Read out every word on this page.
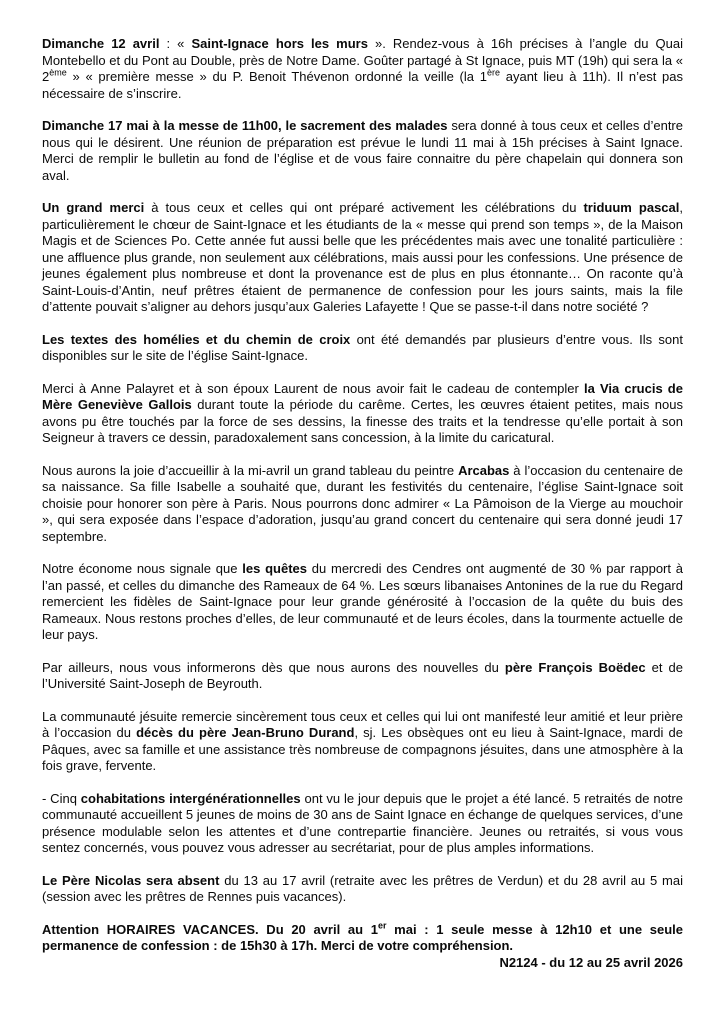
Dimanche 12 avril : « Saint-Ignace hors les murs ». Rendez-vous à 16h précises à l’angle du Quai Montebello et du Pont au Double, près de Notre Dame. Goûter partagé à St Ignace, puis MT (19h) qui sera la « 2ème » « première messe » du P. Benoit Thévenon ordonné la veille (la 1ère ayant lieu à 11h). Il n’est pas nécessaire de s’inscrire.

Dimanche 17 mai à la messe de 11h00, le sacrement des malades sera donné à tous ceux et celles d’entre nous qui le désirent. Une réunion de préparation est prévue le lundi 11 mai à 15h précises à Saint Ignace. Merci de remplir le bulletin au fond de l’église et de vous faire connaitre du père chapelain qui donnera son aval.

Un grand merci à tous ceux et celles qui ont préparé activement les célébrations du triduum pascal, particulièrement le chœur de Saint-Ignace et les étudiants de la « messe qui prend son temps », de la Maison Magis et de Sciences Po. Cette année fut aussi belle que les précédentes mais avec une tonalité particulière : une affluence plus grande, non seulement aux célébrations, mais aussi pour les confessions. Une présence de jeunes également plus nombreuse et dont la provenance est de plus en plus étonnante… On raconte qu’à Saint-Louis-d’Antin, neuf prêtres étaient de permanence de confession pour les jours saints, mais la file d’attente pouvait s’aligner au dehors jusqu’aux Galeries Lafayette ! Que se passe-t-il dans notre société ?

Les textes des homélies et du chemin de croix ont été demandés par plusieurs d’entre vous. Ils sont disponibles sur le site de l’église Saint-Ignace.

Merci à Anne Palayret et à son époux Laurent de nous avoir fait le cadeau de contempler la Via crucis de Mère Geneviève Gallois durant toute la période du carême. Certes, les œuvres étaient petites, mais nous avons pu être touchés par la force de ses dessins, la finesse des traits et la tendresse qu’elle portait à son Seigneur à travers ce dessin, paradoxalement sans concession, à la limite du caricatural.

Nous aurons la joie d’accueillir à la mi-avril un grand tableau du peintre Arcabas à l’occasion du centenaire de sa naissance. Sa fille Isabelle a souhaité que, durant les festivités du centenaire, l’église Saint-Ignace soit choisie pour honorer son père à Paris. Nous pourrons donc admirer « La Pâmoison de la Vierge au mouchoir », qui sera exposée dans l’espace d’adoration, jusqu’au grand concert du centenaire qui sera donné jeudi 17 septembre.

Notre économe nous signale que les quêtes du mercredi des Cendres ont augmenté de 30 % par rapport à l’an passé, et celles du dimanche des Rameaux de 64 %. Les sœurs libanaises Antonines de la rue du Regard remercient les fidèles de Saint-Ignace pour leur grande générosité à l’occasion de la quête du buis des Rameaux. Nous restons proches d’elles, de leur communauté et de leurs écoles, dans la tourmente actuelle de leur pays.

Par ailleurs, nous vous informerons dès que nous aurons des nouvelles du père François Boëdec et de l’Université Saint-Joseph de Beyrouth.

La communauté jésuite remercie sincèrement tous ceux et celles qui lui ont manifesté leur amitié et leur prière à l’occasion du décès du père Jean-Bruno Durand, sj. Les obsèques ont eu lieu à Saint-Ignace, mardi de Pâques, avec sa famille et une assistance très nombreuse de compagnons jésuites, dans une atmosphère à la fois grave, fervente.

- Cinq cohabitations intergénérationnelles ont vu le jour depuis que le projet a été lancé. 5 retraités de notre communauté accueillent 5 jeunes de moins de 30 ans de Saint Ignace en échange de quelques services, d’une présence modulable selon les attentes et d’une contrepartie financière. Jeunes ou retraités, si vous vous sentez concernés, vous pouvez vous adresser au secrétariat, pour de plus amples informations.

Le Père Nicolas sera absent du 13 au 17 avril (retraite avec les prêtres de Verdun) et du 28 avril au 5 mai (session avec les prêtres de Rennes puis vacances).

Attention HORAIRES VACANCES. Du 20 avril au 1er mai : 1 seule messe à 12h10 et une seule permanence de confession : de 15h30 à 17h. Merci de votre compréhension.

N2124 - du 12 au 25 avril 2026
